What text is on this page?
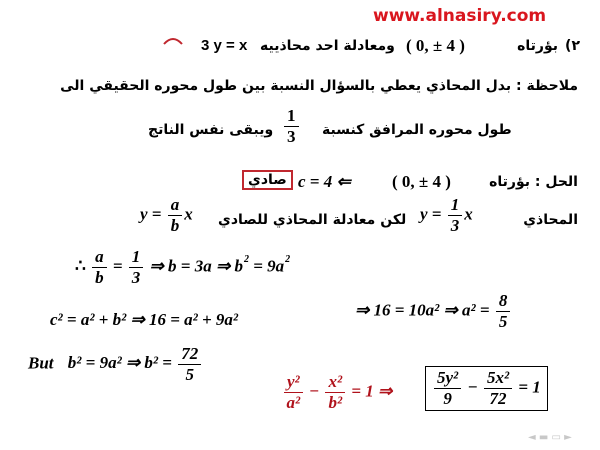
www.alnasiry.com
٢)
بؤرتاه
( 0, ± 4 )
ومعادلة احد محاذييه
3 y = x
ملاحظة : بدل المحاذي يعطي بالسؤال النسبة بين طول محوره الحقيقي الى
ويبقى نفس الناتج $\frac{1}{3}$ طول محوره المرافق كنسبة
الحل : بؤرتاه
( 0, ± 4 )
⇐ c = 4
صادي
المحاذي
$y = \frac{1}{3}$ x
لكن معادلة المحاذي للصادي
$y = \frac{a}{b}$ x
∴ $\frac{a}{b} = \frac{1}{3}$ ⇒ b = 3a ⇒ $b^2 = 9a^2$
c² = a² + b² ⇒ 16 = a² + 9a²
⇒ 16 = 10a² ⇒ $a^2 = \frac{8}{5}$
But b² = 9a² ⇒ $b^2 = \frac{72}{5}$
$\frac{\text{y²}}{\text{a²}} - \frac{\text{x²}}{\text{b²}} = 1$ ⇒ $\frac{\text{5y²}}{9} - \frac{\text{5x²}}{72} = 1$
◄ ▬ ▭ ►
